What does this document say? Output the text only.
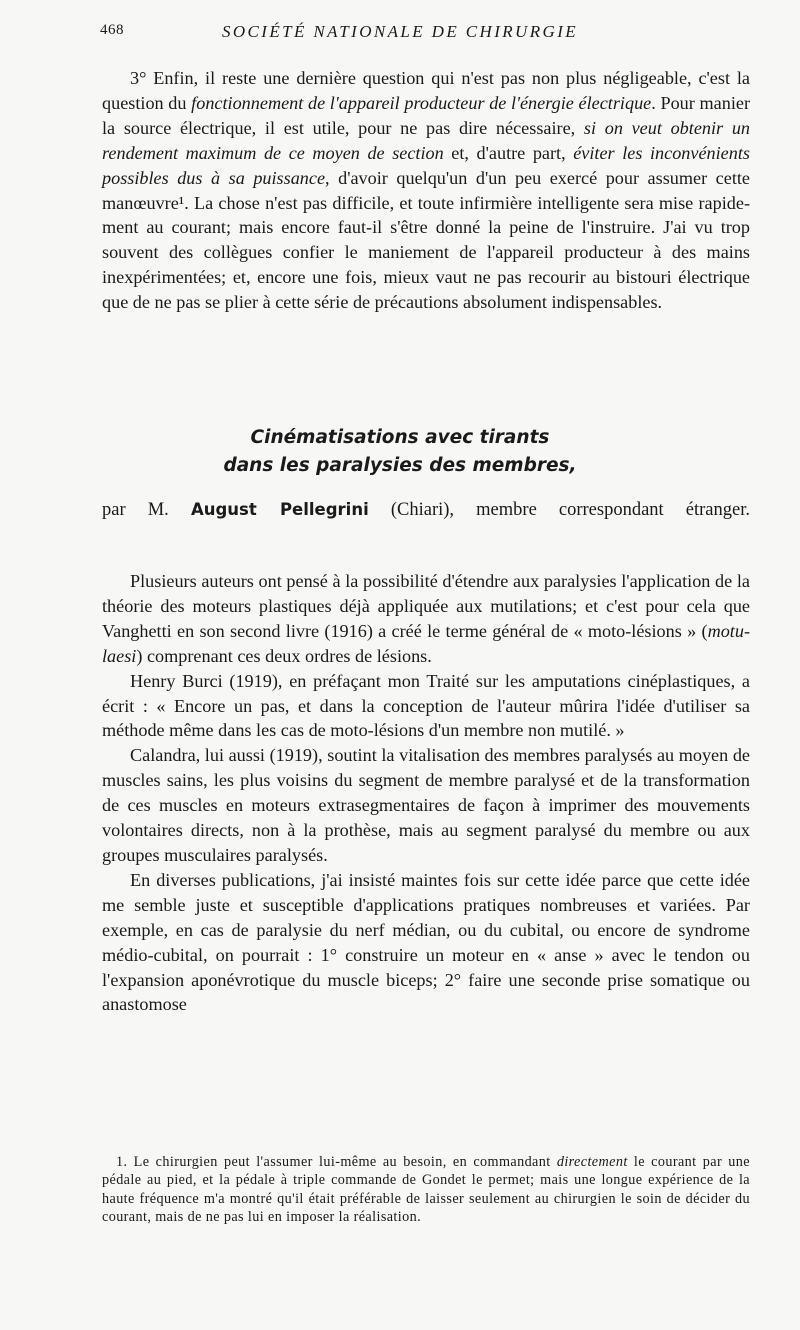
468	SOCIÉTÉ NATIONALE DE CHIRURGIE

3° Enfin, il reste une dernière question qui n'est pas non plus négligeable, c'est la question du fonctionnement de l'appareil producteur de l'énergie électrique. Pour manier la source électrique, il est utile, pour ne pas dire nécessaire, si on veut obtenir un rendement maximum de ce moyen de section et, d'autre part, éviter les inconvénients possibles dus à sa puissance, d'avoir quelqu'un d'un peu exercé pour assumer cette manœuvre¹. La chose n'est pas difficile, et toute infirmière intelligente sera mise rapidement au courant; mais encore faut-il s'être donné la peine de l'instruire. J'ai vu trop souvent des collègues confier le maniement de l'appareil producteur à des mains inexpérimentées; et, encore une fois, mieux vaut ne pas recourir au bistouri électrique que de ne pas se plier à cette série de précautions absolument indispensables.

Cinématisations avec tirants
dans les paralysies des membres,
par M. August Pellegrini (Chiari), membre correspondant étranger.

Plusieurs auteurs ont pensé à la possibilité d'étendre aux paralysies l'application de la théorie des moteurs plastiques déjà appliquée aux mutilations; et c'est pour cela que Vanghetti en son second livre (1916) a créé le terme général de « moto-lésions » (motu-laesi) comprenant ces deux ordres de lésions.

Henry Burci (1919), en préfaçant mon Traité sur les amputations cinéplastiques, a écrit : « Encore un pas, et dans la conception de l'auteur mûrira l'idée d'utiliser sa méthode même dans les cas de moto-lésions d'un membre non mutilé. »

Calandra, lui aussi (1919), soutint la vitalisation des membres paralysés au moyen de muscles sains, les plus voisins du segment de membre paralysé et de la transformation de ces muscles en moteurs extrasegmentaires de façon à imprimer des mouvements volontaires directs, non à la prothèse, mais au segment paralysé du membre ou aux groupes musculaires paralysés.

En diverses publications, j'ai insisté maintes fois sur cette idée parce que cette idée me semble juste et susceptible d'applications pratiques nombreuses et variées. Par exemple, en cas de paralysie du nerf médian, ou du cubital, ou encore de syndrome médio-cubital, on pourrait : 1° construire un moteur en « anse » avec le tendon ou l'expansion aponévrotique du muscle biceps; 2° faire une seconde prise somatique ou anastomose

1. Le chirurgien peut l'assumer lui-même au besoin, en commandant directement le courant par une pédale au pied, et la pédale à triple commande de Gondet le permet; mais une longue expérience de la haute fréquence m'a montré qu'il était préférable de laisser seulement au chirurgien le soin de décider du courant, mais de ne pas lui en imposer la réalisation.
